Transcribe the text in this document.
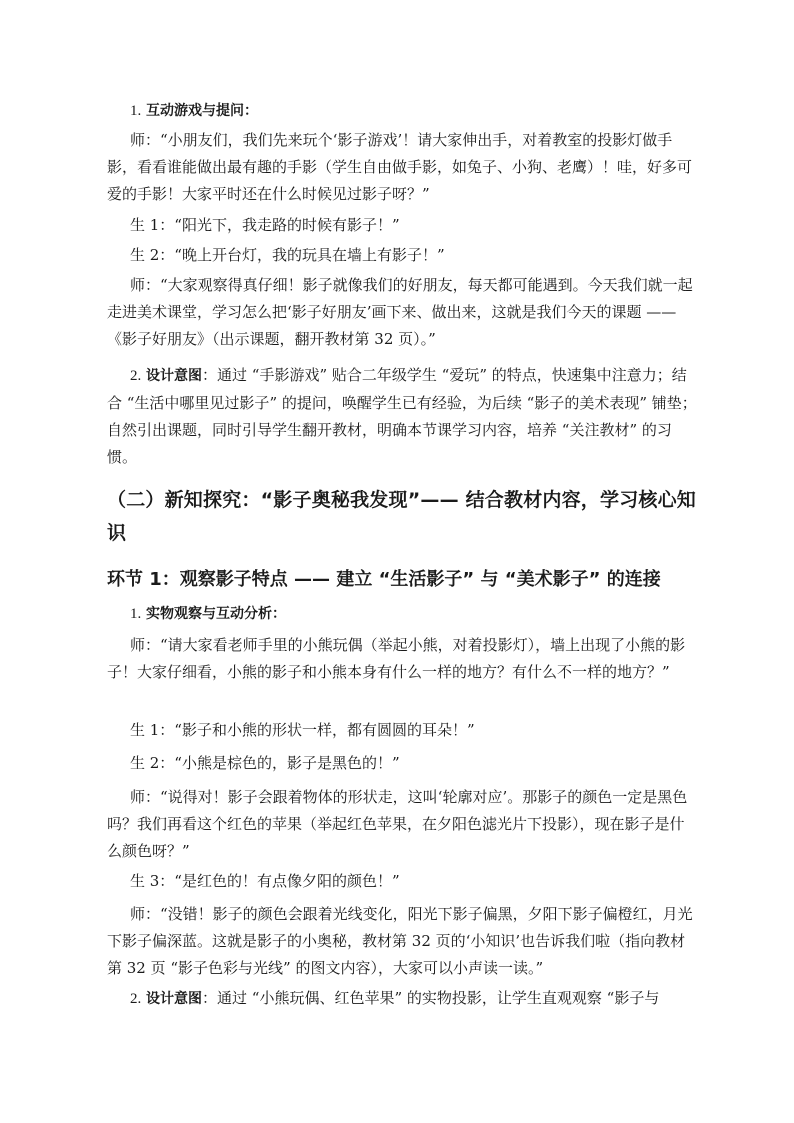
1. 互动游戏与提问：

师：“小朋友们，我们先来玩个‘影子游戏’！请大家伸出手，对着教室的投影灯做手影，看看谁能做出最有趣的手影（学生自由做手影，如兔子、小狗、老鹰）！哇，好多可爱的手影！大家平时还在什么时候见过影子呀？”

生 1：“阳光下，我走路的时候有影子！”

生 2：“晚上开台灯，我的玩具在墙上有影子！”

师：“大家观察得真仔细！影子就像我们的好朋友，每天都可能遇到。今天我们就一起走进美术课堂，学习怎么把‘影子好朋友’画下来、做出来，这就是我们今天的课题 ——《影子好朋友》（出示课题，翻开教材第 32 页）。”

2. 设计意图：通过 “手影游戏” 贴合二年级学生 “爱玩” 的特点，快速集中注意力；结合 “生活中哪里见过影子” 的提问，唤醒学生已有经验，为后续 “影子的美术表现” 铺垫；自然引出课题，同时引导学生翻开教材，明确本节课学习内容，培养 “关注教材” 的习惯。

（二）新知探究：“影子奥秘我发现”—— 结合教材内容，学习核心知识
环节 1：观察影子特点 —— 建立 “生活影子” 与 “美术影子” 的连接

1. 实物观察与互动分析：

师：“请大家看老师手里的小熊玩偶（举起小熊，对着投影灯），墙上出现了小熊的影子！大家仔细看，小熊的影子和小熊本身有什么一样的地方？有什么不一样的地方？”

生 1：“影子和小熊的形状一样，都有圆圆的耳朵！”

生 2：“小熊是棕色的，影子是黑色的！”

师：“说得对！影子会跟着物体的形状走，这叫‘轮廓对应’。那影子的颜色一定是黑色吗？我们再看这个红色的苹果（举起红色苹果，在夕阳色滤光片下投影），现在影子是什么颜色呀？”

生 3：“是红色的！有点像夕阳的颜色！”

师：“没错！影子的颜色会跟着光线变化，阳光下影子偏黑，夕阳下影子偏橙红，月光下影子偏深蓝。这就是影子的小奥秘，教材第 32 页的‘小知识’也告诉我们啦（指向教材第 32 页 “影子色彩与光线” 的图文内容），大家可以小声读一读。”

2. 设计意图：通过 “小熊玩偶、红色苹果” 的实物投影，让学生直观观察 “影子与
